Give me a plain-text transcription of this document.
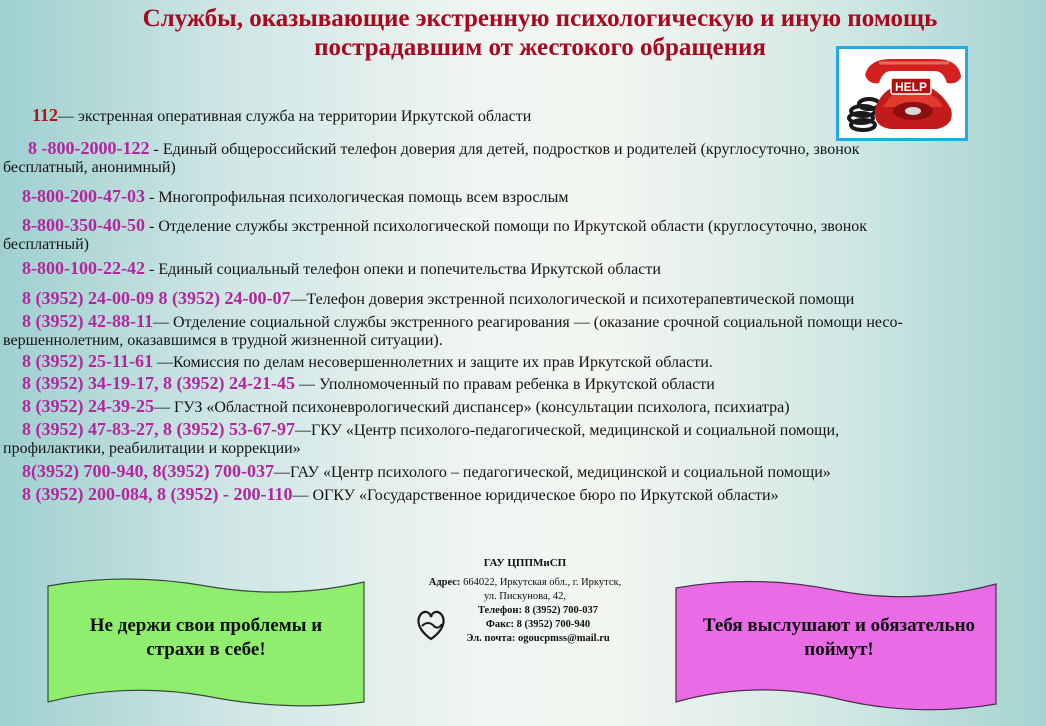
Службы, оказывающие экстренную психологическую и иную помощь
пострадавшим от жестокого обращения
HELP
112— экстренная оперативная служба на территории Иркутской области
8 -800-2000-122 - Единый общероссийский телефон доверия для детей, подростков и родителей (круглосуточно, звонок
бесплатный, анонимный)
8-800-200-47-03 - Многопрофильная психологическая помощь всем взрослым
8-800-350-40-50 - Отделение службы экстренной психологической помощи по Иркутской области (круглосуточно, звонок
бесплатный)
8-800-100-22-42 - Единый социальный телефон опеки и попечительства Иркутской области
8 (3952) 24-00-09 8 (3952) 24-00-07—Телефон доверия экстренной психологической и психотерапевтической помощи
8 (3952) 42-88-11— Отделение социальной службы экстренного реагирования — (оказание срочной социальной помощи несо-
вершеннолетним, оказавшимся в трудной жизненной ситуации).
8 (3952) 25-11-61 —Комиссия по делам несовершеннолетних и защите их прав Иркутской области.
8 (3952) 34-19-17, 8 (3952) 24-21-45 — Уполномоченный по правам ребенка в Иркутской области
8 (3952) 24-39-25— ГУЗ «Областной психоневрологический диспансер» (консультации психолога, психиатра)
8 (3952) 47-83-27, 8 (3952) 53-67-97—ГКУ «Центр психолого-педагогической, медицинской и социальной помощи,
профилактики, реабилитации и коррекции»
8(3952) 700-940, 8(3952) 700-037—ГАУ «Центр психолого – педагогической, медицинской и социальной помощи»
8 (3952) 200-084, 8 (3952) - 200-110— ОГКУ «Государственное юридическое бюро по Иркутской области»
ГАУ ЦППМиСП
Адрес: 664022, Иркутская обл., г. Иркутск,
ул. Пискунова, 42,
Телефон: 8 (3952) 700-037
Факс: 8 (3952) 700-940
Эл. почта: ogoucpmss@mail.ru
Не держи свои проблемы и
страхи в себе!
Тебя выслушают и обязательно
поймут!
